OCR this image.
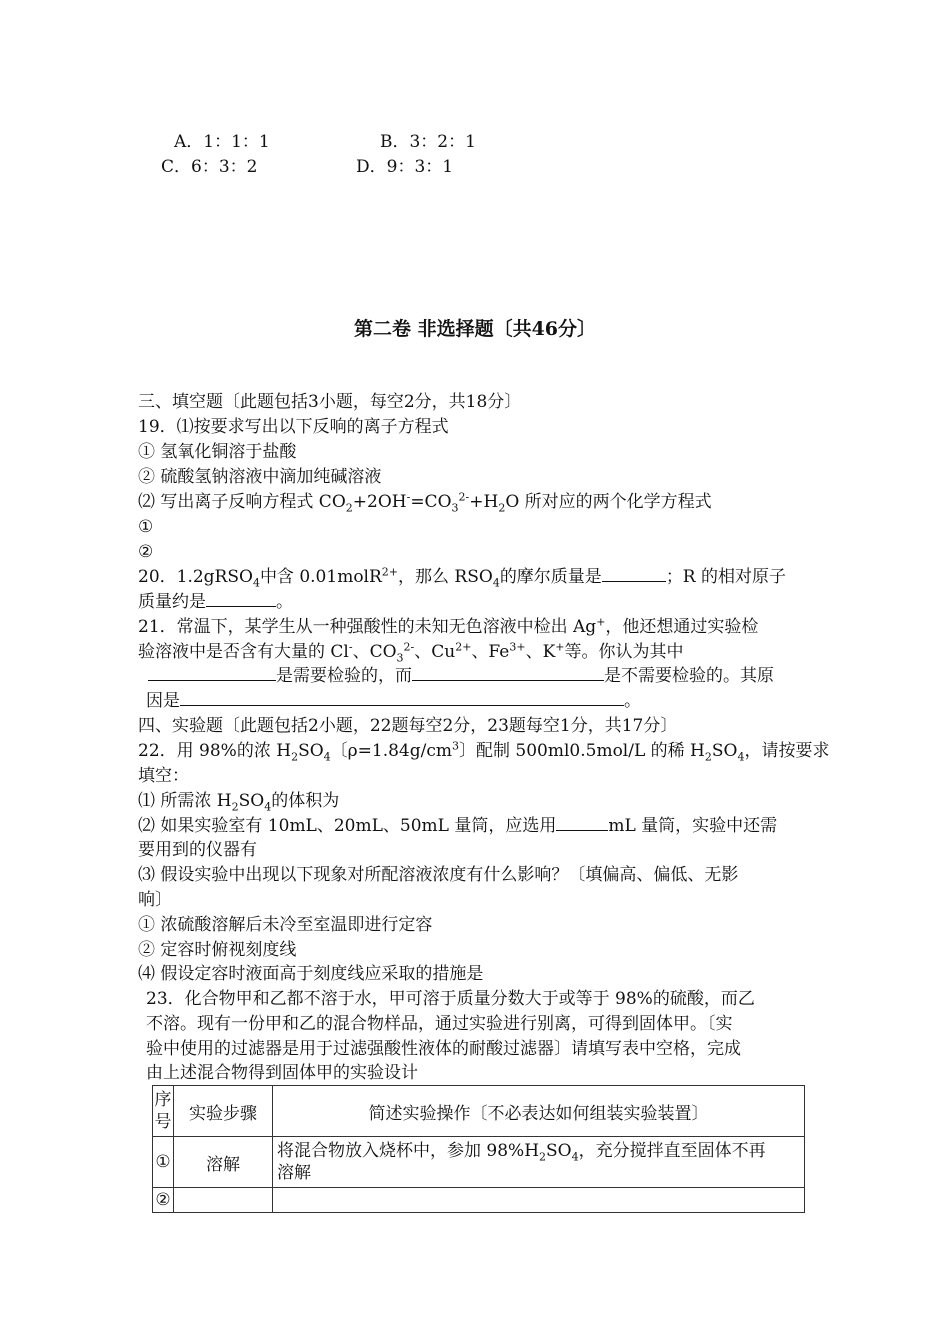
A．1：1：1	B．3：2：1
C．6：3：2	D．9：3：1
第二卷 非选择题〔共46分〕
三、填空题〔此题包括3小题，每空2分，共18分〕
19．⑴按要求写出以下反响的离子方程式
① 氢氧化铜溶于盐酸
② 硫酸氢钠溶液中滴加纯碱溶液
⑵ 写出离子反响方程式 $CO_2+2OH^-=CO_3^{2-}+H_2O$ 所对应的两个化学方程式
①
②
20．1.2gRSO$_4$中含 0.01molR$^{2+}$，那么 $RSO_4$的摩尔质量是	；R 的相对原子
质量约是	。
21．常温下，某学生从一种强酸性的未知无色溶液中检出 Ag+，他还想通过实验检
验溶液中是否含有大量的 Cl-、$CO_3^{2-}$、$Cu^{2+}$、$Fe^{3+}$、K+等。你认为其中
是需要检验的，而	是不需要检验的。其原
因是	。
四、实验题〔此题包括2小题，22题每空2分，23题每空1分，共17分〕
22．用 98%的浓 $H_2SO_4$〔$\rho=1.84g/cm^3$〕配制 500ml0.5mol/L 的稀 $H_2SO_4$，请按要求
填空：
⑴ 所需浓 $H_2SO_4$的体积为
⑵ 如果实验室有 10mL、20mL、50mL 量筒，应选用	mL 量筒，实验中还需
要用到的仪器有
⑶ 假设实验中出现以下现象对所配溶液浓度有什么影响？〔填偏高、偏低、无影
响〕
① 浓硫酸溶解后未冷至室温即进行定容
② 定容时俯视刻度线
⑷ 假设定容时液面高于刻度线应采取的措施是
23．化合物甲和乙都不溶于水，甲可溶于质量分数大于或等于 98%的硫酸，而乙
不溶。现有一份甲和乙的混合物样品，通过实验进行别离，可得到固体甲。〔实
验中使用的过滤器是用于过滤强酸性液体的耐酸过滤器〕请填写表中空格，完成
由上述混合物得到固体甲的实验设计
序号	实验步骤	简述实验操作〔不必表达如何组装实验装置〕
①	溶解	将混合物放入烧杯中，参加 $98\%H_2SO_4$，充分搅拌直至固体不再
溶解
②		
